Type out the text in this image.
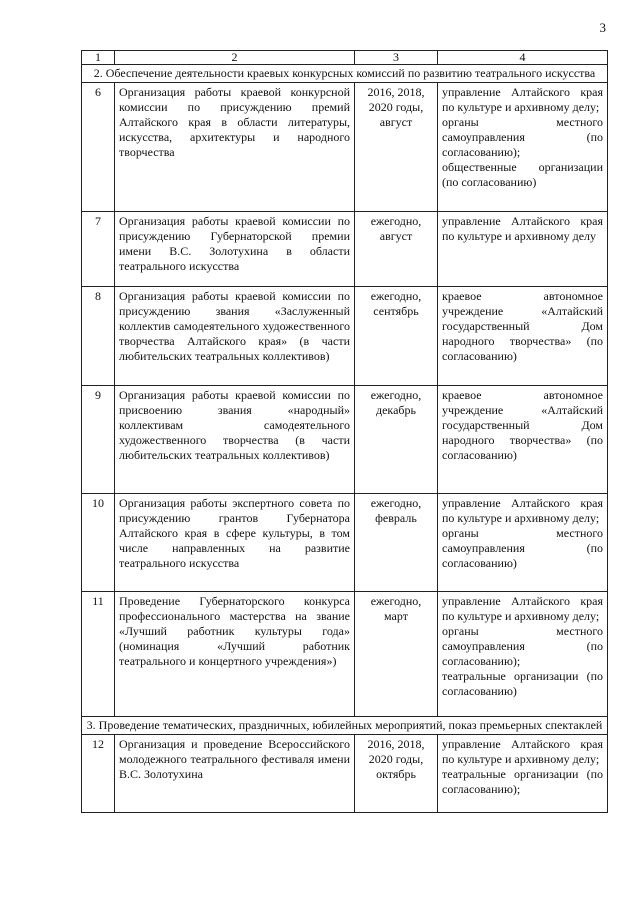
3
1	2	3	4
2. Обеспечение деятельности краевых конкурсных комиссий по развитию театрального искусства			
6	Организация работы краевой конкурсной комиссии по присуждению премий Алтайского края в области литературы, искусства, архитектуры и народного творчества	2016, 2018, 2020 годы, август	управление Алтайского края по культуре и архивному делу;
органы местного самоуправления (по согласованию);
общественные организации (по согласованию)

7	Организация работы краевой комиссии по присуждению Губернаторской премии имени В.С. Золотухина в области театрального искусства	ежегодно, август	управление Алтайского края по культуре и архивному делу

8	Организация работы краевой комиссии по присуждению звания «Заслуженный коллектив самодеятельного художественного творчества Алтайского края» (в части любительских театральных коллективов)	ежегодно, сентябрь	краевое автономное учреждение «Алтайский государственный Дом народного творчества» (по согласованию)

9	Организация работы краевой комиссии по присвоению звания «народный» коллективам самодеятельного художественного творчества (в части любительских театральных коллективов)	ежегодно, декабрь	краевое автономное учреждение «Алтайский государственный Дом народного творчества» (по согласованию)

10	Организация работы экспертного совета по присуждению грантов Губернатора Алтайского края в сфере культуры, в том числе направленных на развитие театрального искусства	ежегодно, февраль	управление Алтайского края по культуре и архивному делу;
органы местного самоуправления (по согласованию)

11	Проведение Губернаторского конкурса профессионального мастерства на звание «Лучший работник культуры года» (номинация «Лучший работник театрального и концертного учреждения»)	ежегодно, март	управление Алтайского края по культуре и архивному делу;
органы местного самоуправления (по согласованию);
театральные организации (по согласованию)

3. Проведение тематических, праздничных, юбилейных мероприятий, показ премьерных спектаклей			
12	Организация и проведение Всероссийского молодежного театрального фестиваля имени В.С. Золотухина	2016, 2018, 2020 годы, октябрь	управление Алтайского края по культуре и архивному делу;
театральные организации (по согласованию);
